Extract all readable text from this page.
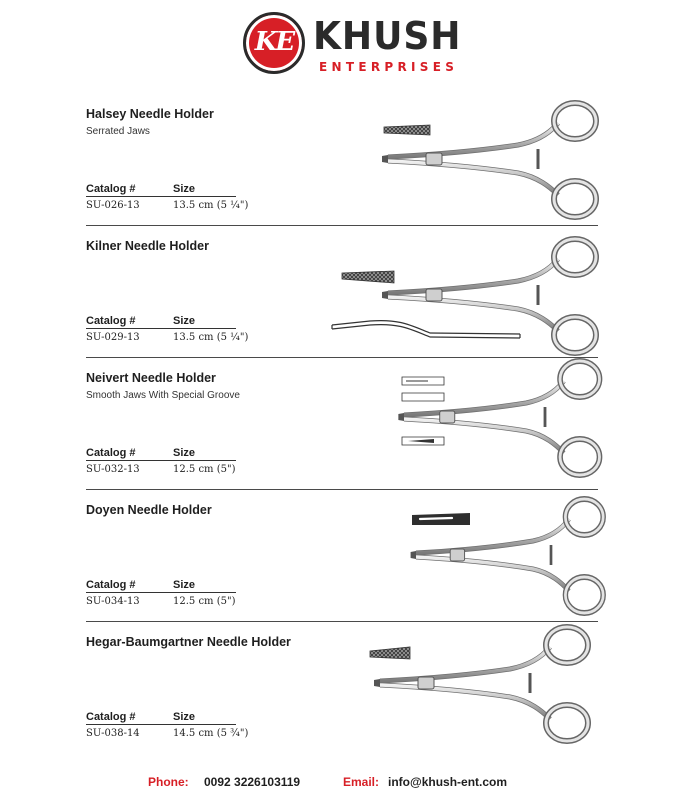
KE KHUSH
ENTERPRISES
Halsey Needle Holder
Serrated Jaws
Catalog #	Size
SU-026-13	13.5 cm (5 ¼")
Kilner Needle Holder
Catalog #	Size
SU-029-13	13.5 cm (5 ¼")
Neivert Needle Holder
Smooth Jaws With Special Groove
Catalog #	Size
SU-032-13	12.5 cm (5")
Doyen Needle Holder
Catalog #	Size
SU-034-13	12.5 cm (5")
Hegar-Baumgartner Needle Holder
Catalog #	Size
SU-038-14	14.5 cm (5 ¾")
Phone: 0092 3226103119	Email: info@khush-ent.com
